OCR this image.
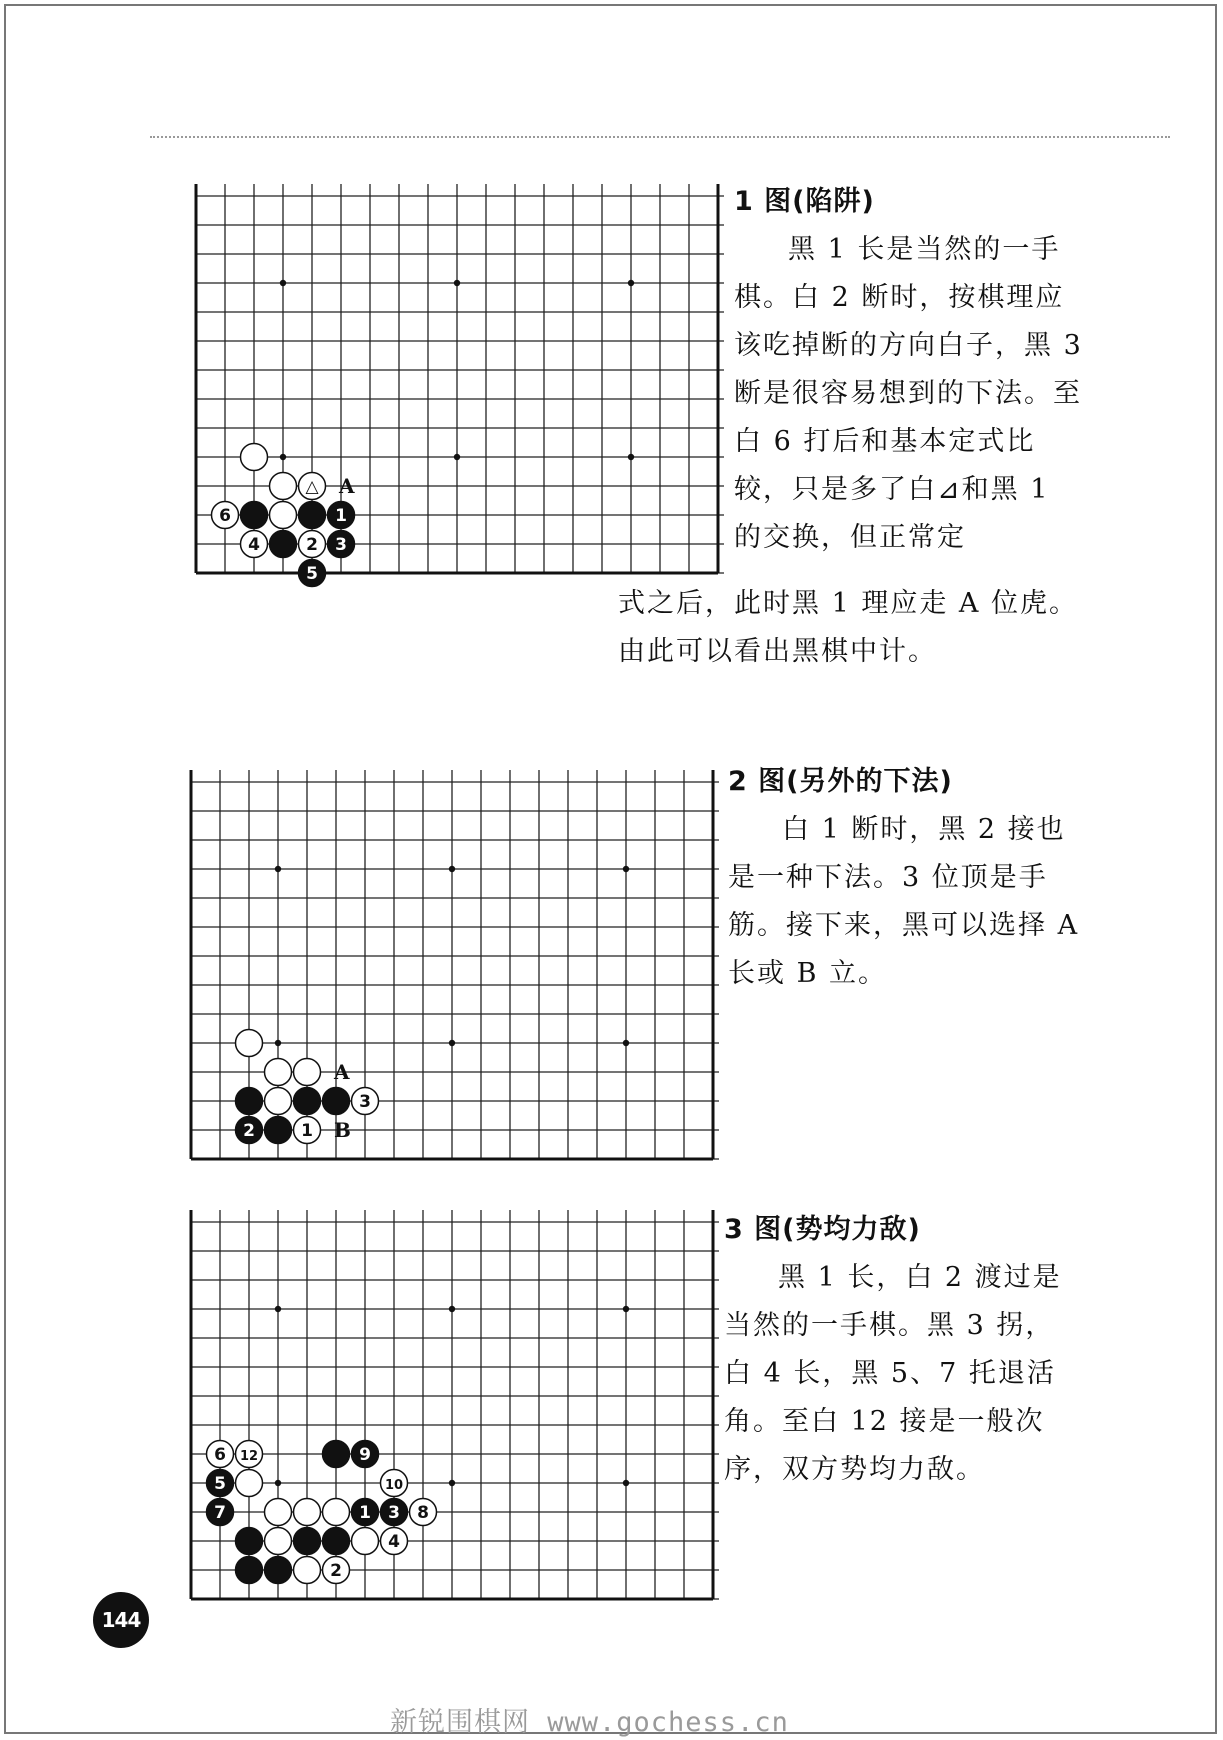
△
1
6
4	2 3
5
A

1 图(陷阱)

黑 1 长是当然的一手棋。白 2 断时，按棋理应该吃掉断的方向白子，黑 3 断是很容易想到的下法。至白 6 打后和基本定式比较，只是多了白⊿和黑 1 的交换，但正常定

式之后，此时黑 1 理应走 A 位虎。由此可以看出黑棋中计。

3
2	1
A
B

2 图(另外的下法)

白 1 断时，黑 2 接也是一种下法。3 位顶是手筋。接下来，黑可以选择 A 长或 B 立。

6 12	9
5	10
7	1 3 8
4
2

3 图(势均力敌)

黑 1 长，白 2 渡过是当然的一手棋。黑 3 拐，白 4 长，黑 5、7 托退活角。至白 12 接是一般次序，双方势均力敌。

144
新锐围棋网 www.gochess.cn
